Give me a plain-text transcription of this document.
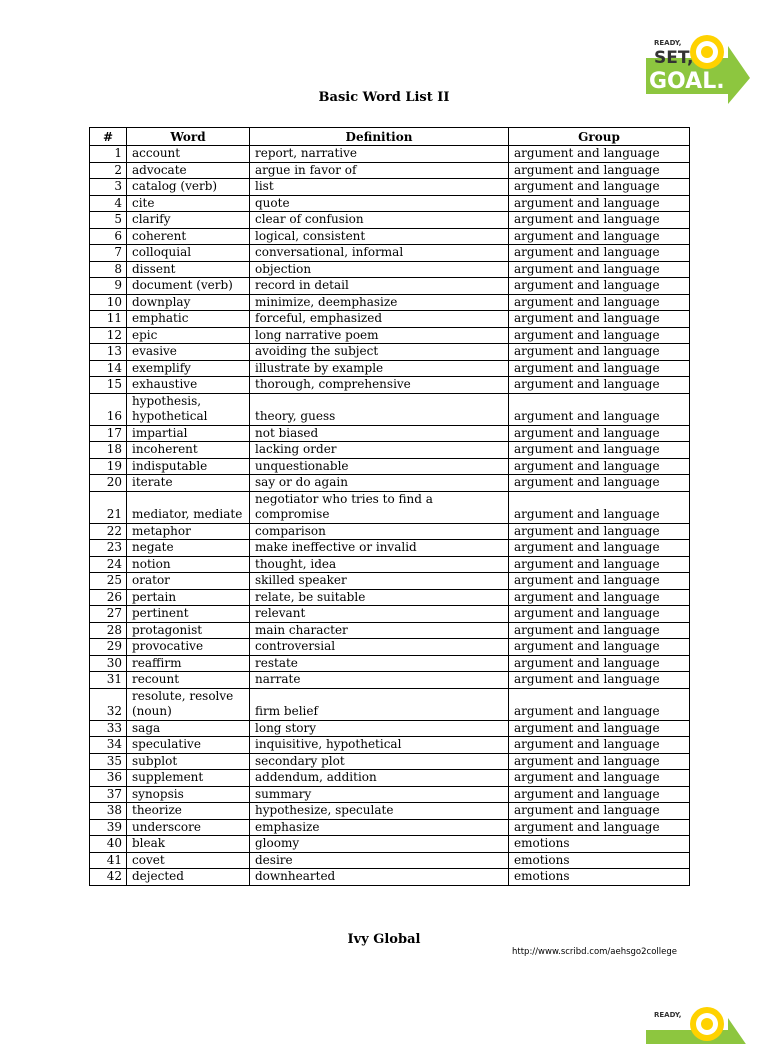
READY,
SET,
GOAL.
Basic Word List II
#	Word	Definition	Group
1	account	report, narrative	argument and language
2	advocate	argue in favor of	argument and language
3	catalog (verb)	list	argument and language
4	cite	quote	argument and language
5	clarify	clear of confusion	argument and language
6	coherent	logical, consistent	argument and language
7	colloquial	conversational, informal	argument and language
8	dissent	objection	argument and language
9	document (verb)	record in detail	argument and language
10	downplay	minimize, deemphasize	argument and language
11	emphatic	forceful, emphasized	argument and language
12	epic	long narrative poem	argument and language
13	evasive	avoiding the subject	argument and language
14	exemplify	illustrate by example	argument and language
15	exhaustive	thorough, comprehensive	argument and language
16	hypothesis, hypothetical	theory, guess	argument and language
17	impartial	not biased	argument and language
18	incoherent	lacking order	argument and language
19	indisputable	unquestionable	argument and language
20	iterate	say or do again	argument and language
21	mediator, mediate	negotiator who tries to find a compromise	argument and language
22	metaphor	comparison	argument and language
23	negate	make ineffective or invalid	argument and language
24	notion	thought, idea	argument and language
25	orator	skilled speaker	argument and language
26	pertain	relate, be suitable	argument and language
27	pertinent	relevant	argument and language
28	protagonist	main character	argument and language
29	provocative	controversial	argument and language
30	reaffirm	restate	argument and language
31	recount	narrate	argument and language
32	resolute, resolve (noun)	firm belief	argument and language
33	saga	long story	argument and language
34	speculative	inquisitive, hypothetical	argument and language
35	subplot	secondary plot	argument and language
36	supplement	addendum, addition	argument and language
37	synopsis	summary	argument and language
38	theorize	hypothesize, speculate	argument and language
39	underscore	emphasize	argument and language
40	bleak	gloomy	emotions
41	covet	desire	emotions
42	dejected	downhearted	emotions
Ivy Global
http://www.scribd.com/aehsgo2college
READY,
